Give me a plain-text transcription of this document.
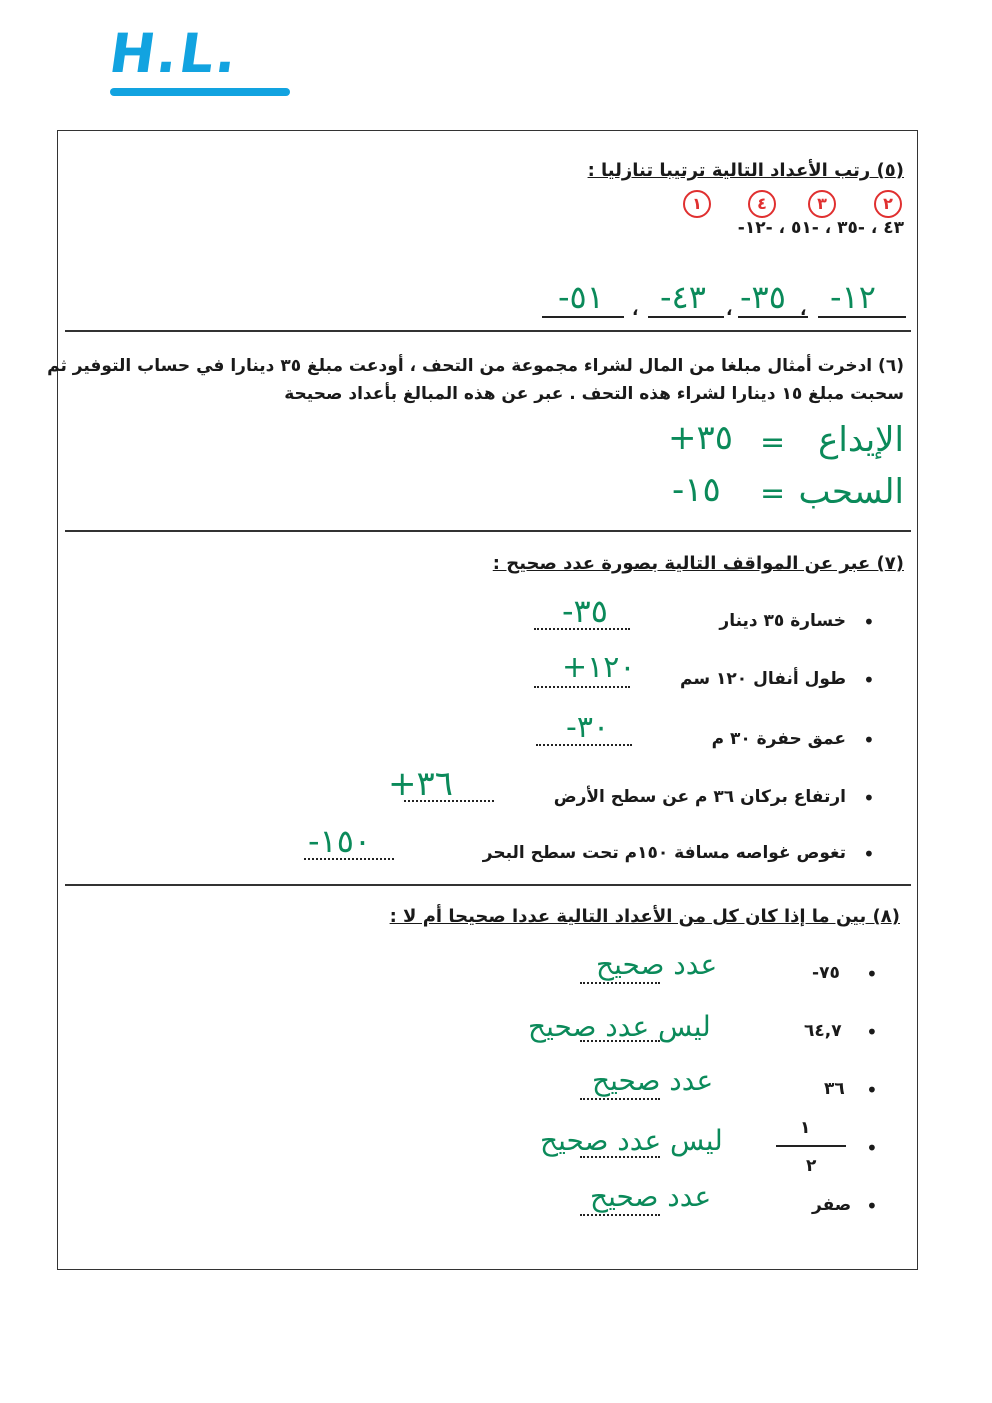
H.L.
(٥) رتب الأعداد التالية ترتيبا تنازليا :
٢
٣
٤
١
-٤٣ ، -٣٥ ، -٥١ ، -١٢
-١٢
،
-٣٥
،
-٤٣
،
-٥١
(٦) ادخرت أمثال مبلغا من المال لشراء مجموعة من التحف ، أودعت مبلغ ٣٥ دينارا في حساب التوفير ثم
سحبت مبلغ ١٥ دينارا لشراء هذه التحف . عبر عن هذه المبالغ بأعداد صحيحة
الإيداع
=
+٣٥
السحب
=
-١٥
(٧) عبر عن المواقف التالية بصورة عدد صحيح :
•
خسارة ٣٥ دينار
-٣٥
•
طول أنفال ١٢٠ سم
+١٢٠
•
عمق حفرة ٣٠ م
-٣٠
•
ارتفاع بركان ٣٦ م عن سطح الأرض
+٣٦
•
تغوص غواصه مسافة ١٥٠م تحت سطح البحر
-١٥٠
(٨) بين ما إذا كان كل من الأعداد التالية عددا صحيحا أم لا :
•
-٧٥
عدد صحيح
•
٦٤,٧
ليس عدد صحيح
•
٣٦
عدد صحيح
•
١
٢
ليس عدد صحيح
•
صفر
عدد صحيح
